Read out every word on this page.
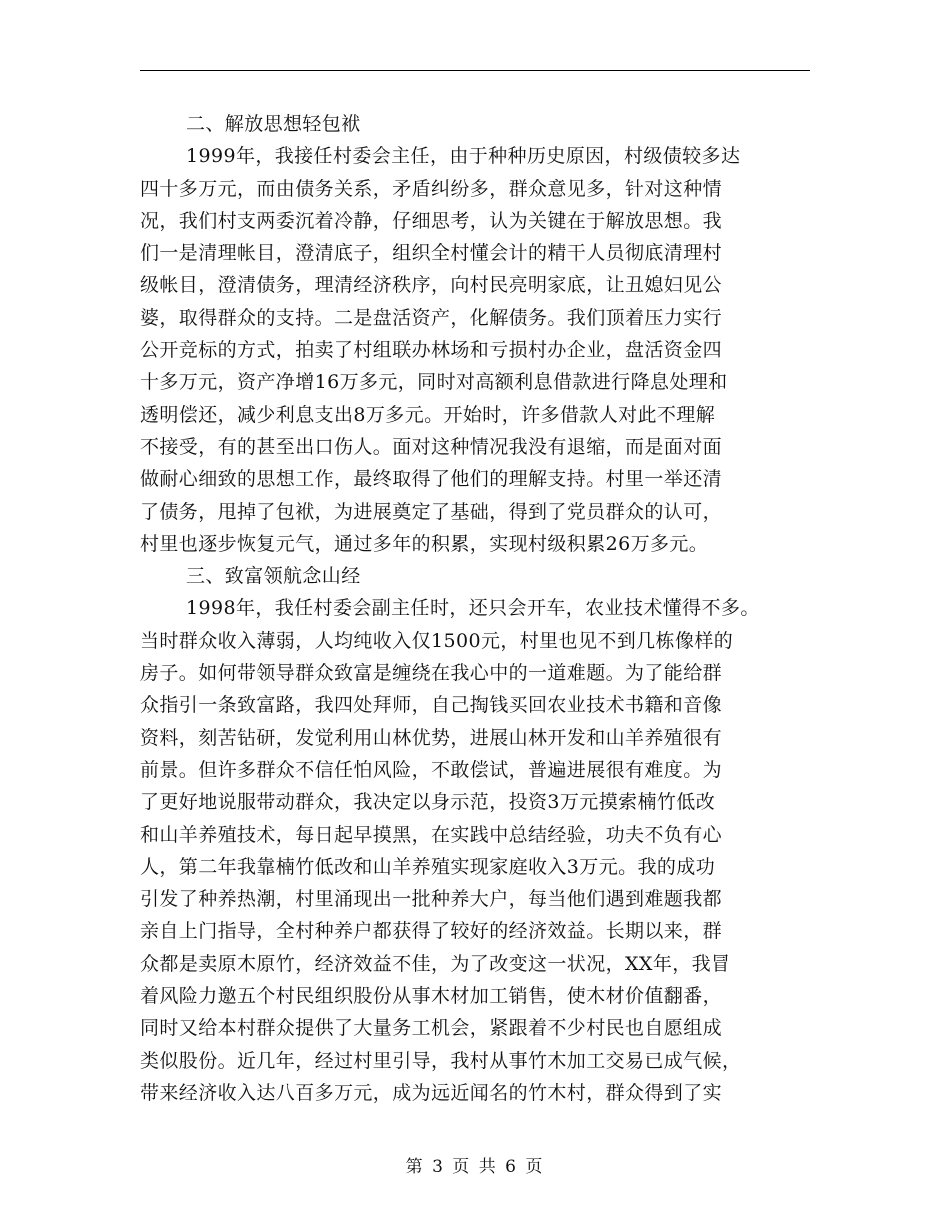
二、解放思想轻包袱
1999年，我接任村委会主任，由于种种历史原因，村级债较多达
四十多万元，而由债务关系，矛盾纠纷多，群众意见多，针对这种情
况，我们村支两委沉着冷静，仔细思考，认为关键在于解放思想。我
们一是清理帐目，澄清底子，组织全村懂会计的精干人员彻底清理村
级帐目，澄清债务，理清经济秩序，向村民亮明家底，让丑媳妇见公
婆，取得群众的支持。二是盘活资产，化解债务。我们顶着压力实行
公开竞标的方式，拍卖了村组联办林场和亏损村办企业，盘活资金四
十多万元，资产净增16万多元，同时对高额利息借款进行降息处理和
透明偿还，减少利息支出8万多元。开始时，许多借款人对此不理解
不接受，有的甚至出口伤人。面对这种情况我没有退缩，而是面对面
做耐心细致的思想工作，最终取得了他们的理解支持。村里一举还清
了债务，甩掉了包袱，为进展奠定了基础，得到了党员群众的认可，
村里也逐步恢复元气，通过多年的积累，实现村级积累26万多元。
三、致富领航念山经
1998年，我任村委会副主任时，还只会开车，农业技术懂得不多。
当时群众收入薄弱，人均纯收入仅1500元，村里也见不到几栋像样的
房子。如何带领导群众致富是缠绕在我心中的一道难题。为了能给群
众指引一条致富路，我四处拜师，自己掏钱买回农业技术书籍和音像
资料，刻苦钻研，发觉利用山林优势，进展山林开发和山羊养殖很有
前景。但许多群众不信任怕风险，不敢偿试，普遍进展很有难度。为
了更好地说服带动群众，我决定以身示范，投资3万元摸索楠竹低改
和山羊养殖技术，每日起早摸黑，在实践中总结经验，功夫不负有心
人，第二年我靠楠竹低改和山羊养殖实现家庭收入3万元。我的成功
引发了种养热潮，村里涌现出一批种养大户，每当他们遇到难题我都
亲自上门指导，全村种养户都获得了较好的经济效益。长期以来，群
众都是卖原木原竹，经济效益不佳，为了改变这一状况，XX年，我冒
着风险力邀五个村民组织股份从事木材加工销售，使木材价值翻番，
同时又给本村群众提供了大量务工机会，紧跟着不少村民也自愿组成
类似股份。近几年，经过村里引导，我村从事竹木加工交易已成气候，
带来经济收入达八百多万元，成为远近闻名的竹木村，群众得到了实
第 3 页 共 6 页
